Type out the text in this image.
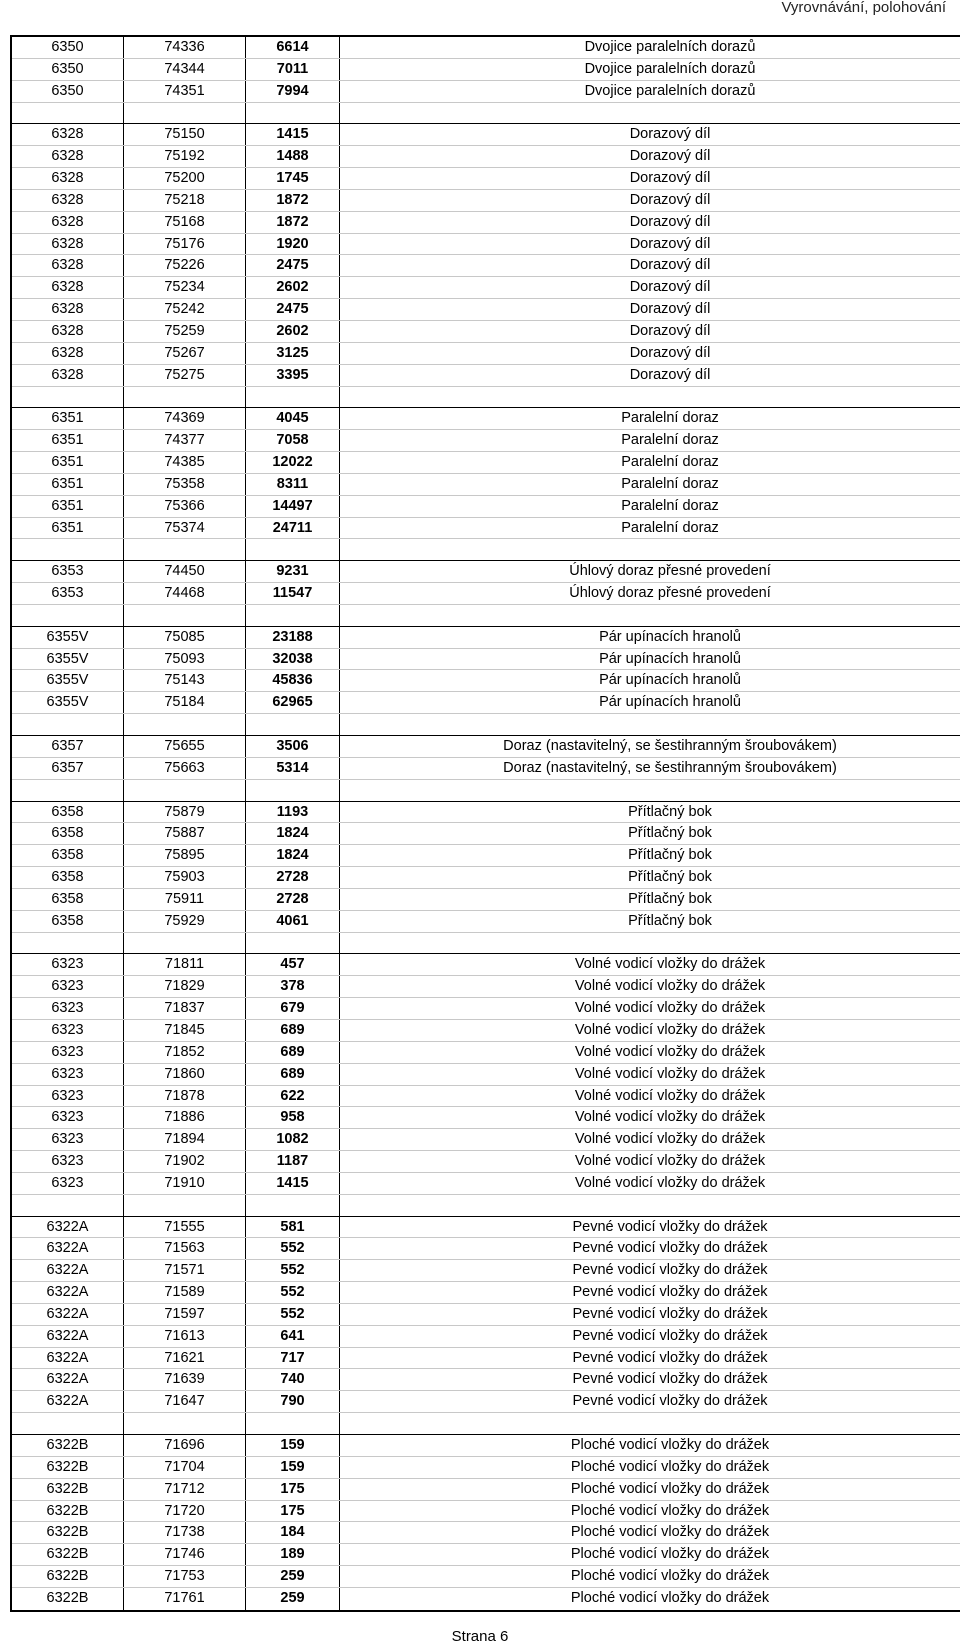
Vyrovnávání, polohování
6350	74336	6614	Dvojice paralelních dorazů
6350	74344	7011	Dvojice paralelních dorazů
6350	74351	7994	Dvojice paralelních dorazů
6328	75150	1415	Dorazový díl
6328	75192	1488	Dorazový díl
6328	75200	1745	Dorazový díl
6328	75218	1872	Dorazový díl
6328	75168	1872	Dorazový díl
6328	75176	1920	Dorazový díl
6328	75226	2475	Dorazový díl
6328	75234	2602	Dorazový díl
6328	75242	2475	Dorazový díl
6328	75259	2602	Dorazový díl
6328	75267	3125	Dorazový díl
6328	75275	3395	Dorazový díl
6351	74369	4045	Paralelní doraz
6351	74377	7058	Paralelní doraz
6351	74385	12022	Paralelní doraz
6351	75358	8311	Paralelní doraz
6351	75366	14497	Paralelní doraz
6351	75374	24711	Paralelní doraz
6353	74450	9231	Úhlový doraz přesné provedení
6353	74468	11547	Úhlový doraz přesné provedení
6355V	75085	23188	Pár upínacích hranolů
6355V	75093	32038	Pár upínacích hranolů
6355V	75143	45836	Pár upínacích hranolů
6355V	75184	62965	Pár upínacích hranolů
6357	75655	3506	Doraz (nastavitelný, se šestihranným šroubovákem)
6357	75663	5314	Doraz (nastavitelný, se šestihranným šroubovákem)
6358	75879	1193	Přítlačný bok
6358	75887	1824	Přítlačný bok
6358	75895	1824	Přítlačný bok
6358	75903	2728	Přítlačný bok
6358	75911	2728	Přítlačný bok
6358	75929	4061	Přítlačný bok
6323	71811	457	Volné vodicí vložky do drážek
6323	71829	378	Volné vodicí vložky do drážek
6323	71837	679	Volné vodicí vložky do drážek
6323	71845	689	Volné vodicí vložky do drážek
6323	71852	689	Volné vodicí vložky do drážek
6323	71860	689	Volné vodicí vložky do drážek
6323	71878	622	Volné vodicí vložky do drážek
6323	71886	958	Volné vodicí vložky do drážek
6323	71894	1082	Volné vodicí vložky do drážek
6323	71902	1187	Volné vodicí vložky do drážek
6323	71910	1415	Volné vodicí vložky do drážek
6322A	71555	581	Pevné vodicí vložky do drážek
6322A	71563	552	Pevné vodicí vložky do drážek
6322A	71571	552	Pevné vodicí vložky do drážek
6322A	71589	552	Pevné vodicí vložky do drážek
6322A	71597	552	Pevné vodicí vložky do drážek
6322A	71613	641	Pevné vodicí vložky do drážek
6322A	71621	717	Pevné vodicí vložky do drážek
6322A	71639	740	Pevné vodicí vložky do drážek
6322A	71647	790	Pevné vodicí vložky do drážek
6322B	71696	159	Ploché vodicí vložky do drážek
6322B	71704	159	Ploché vodicí vložky do drážek
6322B	71712	175	Ploché vodicí vložky do drážek
6322B	71720	175	Ploché vodicí vložky do drážek
6322B	71738	184	Ploché vodicí vložky do drážek
6322B	71746	189	Ploché vodicí vložky do drážek
6322B	71753	259	Ploché vodicí vložky do drážek
6322B	71761	259	Ploché vodicí vložky do drážek
Strana 6
